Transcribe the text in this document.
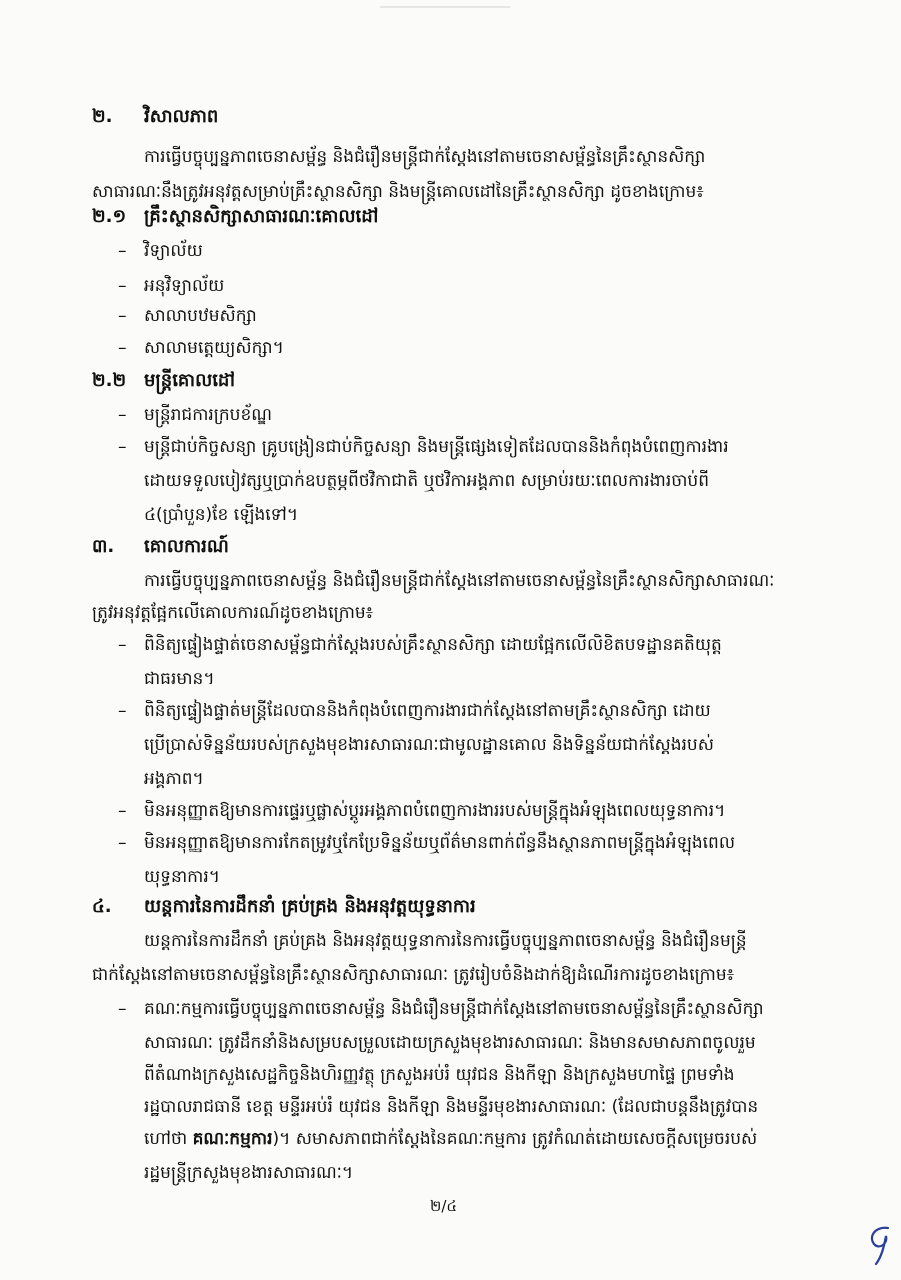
២. វិសាលភាព
ការធ្វើបច្ចុប្បន្នភាពចេនាសម្ព័ន្ធ និងជំរឿនមន្ត្រីជាក់ស្តែងនៅតាមចេនាសម្ព័ន្ធនៃគ្រឹះស្ថានសិក្សា
សាធារណៈនឹងត្រូវអនុវត្តសម្រាប់គ្រឹះស្ថានសិក្សា និងមន្ត្រីគោលដៅនៃគ្រឹះស្ថានសិក្សា ដូចខាងក្រោម៖
២.១ គ្រឹះស្ថានសិក្សាសាធារណៈគោលដៅ
– វិទ្យាល័យ
– អនុវិទ្យាល័យ
– សាលាបឋមសិក្សា
– សាលាមត្តេយ្យសិក្សា។
២.២ មន្ត្រីគោលដៅ
– មន្ត្រីរាជការក្របខ័ណ្ឌ
– មន្ត្រីជាប់កិច្ចសន្យា គ្រូបង្រៀនជាប់កិច្ចសន្យា និងមន្ត្រីផ្សេងទៀតដែលបាននិងកំពុងបំពេញការងារ
ដោយទទួលបៀវត្សឬប្រាក់ឧបត្ថម្ភពីថវិកាជាតិ ឬថវិកាអង្គភាព សម្រាប់រយៈពេលការងារចាប់ពី
៤(ប្រាំបួន)ខែ ឡើងទៅ។
៣. គោលការណ៍
ការធ្វើបច្ចុប្បន្នភាពចេនាសម្ព័ន្ធ និងជំរឿនមន្ត្រីជាក់ស្តែងនៅតាមចេនាសម្ព័ន្ធនៃគ្រឹះស្ថានសិក្សាសាធារណៈ
ត្រូវអនុវត្តផ្អែកលើគោលការណ៍ដូចខាងក្រោម៖
– ពិនិត្យផ្ទៀងផ្ទាត់ចេនាសម្ព័ន្ធជាក់ស្តែងរបស់គ្រឹះស្ថានសិក្សា ដោយផ្អែកលើលិខិតបទដ្ឋានគតិយុត្ត
ជាធរមាន។
– ពិនិត្យផ្ទៀងផ្ទាត់មន្ត្រីដែលបាននិងកំពុងបំពេញការងារជាក់ស្តែងនៅតាមគ្រឹះស្ថានសិក្សា ដោយ
ប្រើប្រាស់ទិន្នន័យរបស់ក្រសួងមុខងារសាធារណៈជាមូលដ្ឋានគោល និងទិន្នន័យជាក់ស្តែងរបស់
អង្គភាព។
– មិនអនុញ្ញាតឱ្យមានការផ្ទេរឬផ្លាស់ប្តូរអង្គភាពបំពេញការងាររបស់មន្ត្រីក្នុងអំឡុងពេលយុទ្ធនាការ។
– មិនអនុញ្ញាតឱ្យមានការកែតម្រូវឬកែប្រែទិន្នន័យឬព័ត៌មានពាក់ព័ន្ធនឹងស្ថានភាពមន្ត្រីក្នុងអំឡុងពេល
យុទ្ធនាការ។
៤. យន្តការនៃការដឹកនាំ គ្រប់គ្រង និងអនុវត្តយុទ្ធនាការ
យន្តការនៃការដឹកនាំ គ្រប់គ្រង និងអនុវត្តយុទ្ធនាការនៃការធ្វើបច្ចុប្បន្នភាពចេនាសម្ព័ន្ធ និងជំរឿនមន្ត្រី
ជាក់ស្តែងនៅតាមចេនាសម្ព័ន្ធនៃគ្រឹះស្ថានសិក្សាសាធារណៈ ត្រូវរៀបចំនិងដាក់ឱ្យដំណើរការដូចខាងក្រោម៖
– គណៈកម្មការធ្វើបច្ចុប្បន្នភាពចេនាសម្ព័ន្ធ និងជំរឿនមន្ត្រីជាក់ស្តែងនៅតាមចេនាសម្ព័ន្ធនៃគ្រឹះស្ថានសិក្សា
សាធារណៈ ត្រូវដឹកនាំនិងសម្របសម្រួលដោយក្រសួងមុខងារសាធារណៈ និងមានសមាសភាពចូលរួម
ពីតំណាងក្រសួងសេដ្ឋកិច្ចនិងហិរញ្ញវត្ថុ ក្រសួងអប់រំ យុវជន និងកីឡា និងក្រសួងមហាផ្ទៃ ព្រមទាំង
រដ្ឋបាលរាជធានី ខេត្ត មន្ទីរអប់រំ យុវជន និងកីឡា និងមន្ទីរមុខងារសាធារណៈ (ដែលជាបន្តនឹងត្រូវបាន
ហៅថា គណៈកម្មការ)។ សមាសភាពជាក់ស្តែងនៃគណៈកម្មការ ត្រូវកំណត់ដោយសេចក្តីសម្រេចរបស់
រដ្ឋមន្ត្រីក្រសួងមុខងារសាធារណៈ។
២/៤
